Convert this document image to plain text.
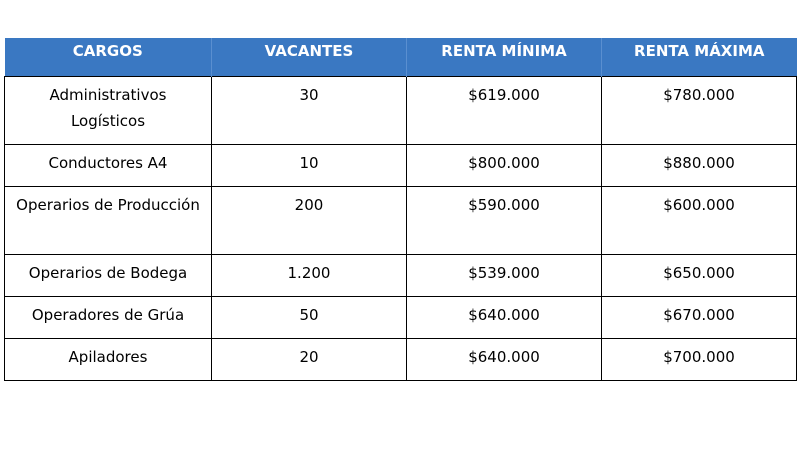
CARGOS	VACANTES	RENTA MÍNIMA	RENTA MÁXIMA
Administrativos Logísticos	30	$619.000	$780.000
Conductores A4	10	$800.000	$880.000
Operarios de Producción	200	$590.000	$600.000
Operarios de Bodega	1.200	$539.000	$650.000
Operadores de Grúa	50	$640.000	$670.000
Apiladores	20	$640.000	$700.000
